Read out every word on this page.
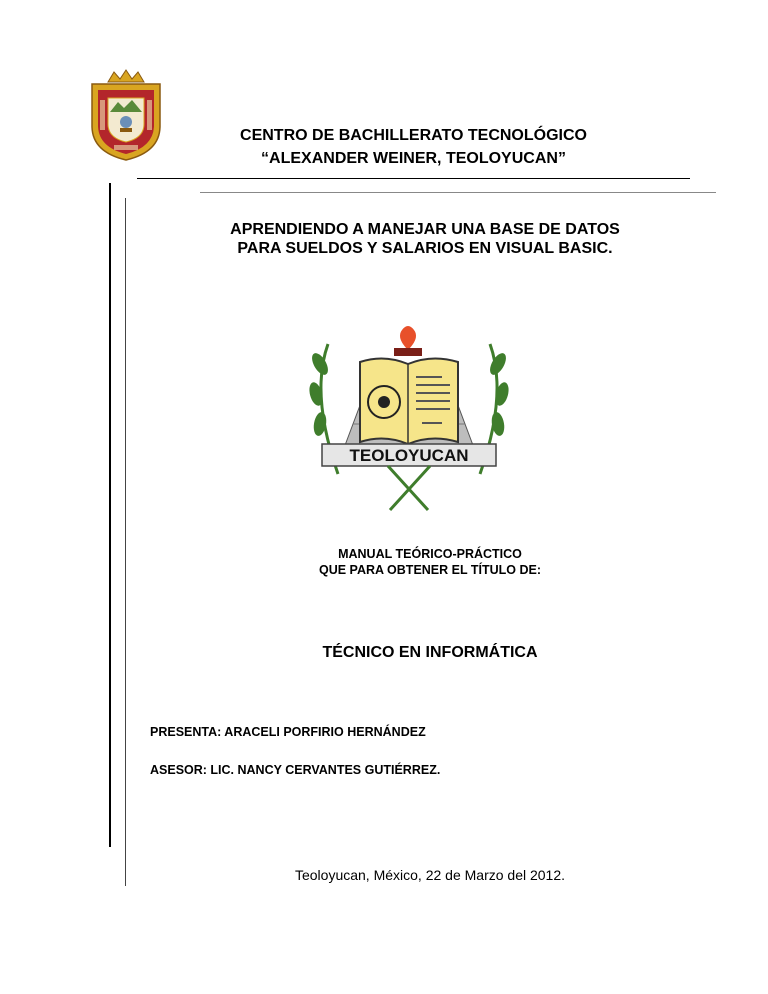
CENTRO DE BACHILLERATO TECNOLÓGICO
“ALEXANDER WEINER, TEOLOYUCAN”
APRENDIENDO A MANEJAR UNA BASE DE DATOS
PARA SUELDOS Y SALARIOS EN VISUAL BASIC.
TEOLOYUCAN
MANUAL TEÓRICO-PRÁCTICO
QUE PARA OBTENER EL TÍTULO DE:
TÉCNICO EN INFORMÁTICA
PRESENTA: ARACELI PORFIRIO HERNÁNDEZ
ASESOR: LIC. NANCY CERVANTES GUTIÉRREZ.
Teoloyucan, México, 22 de Marzo del 2012.
